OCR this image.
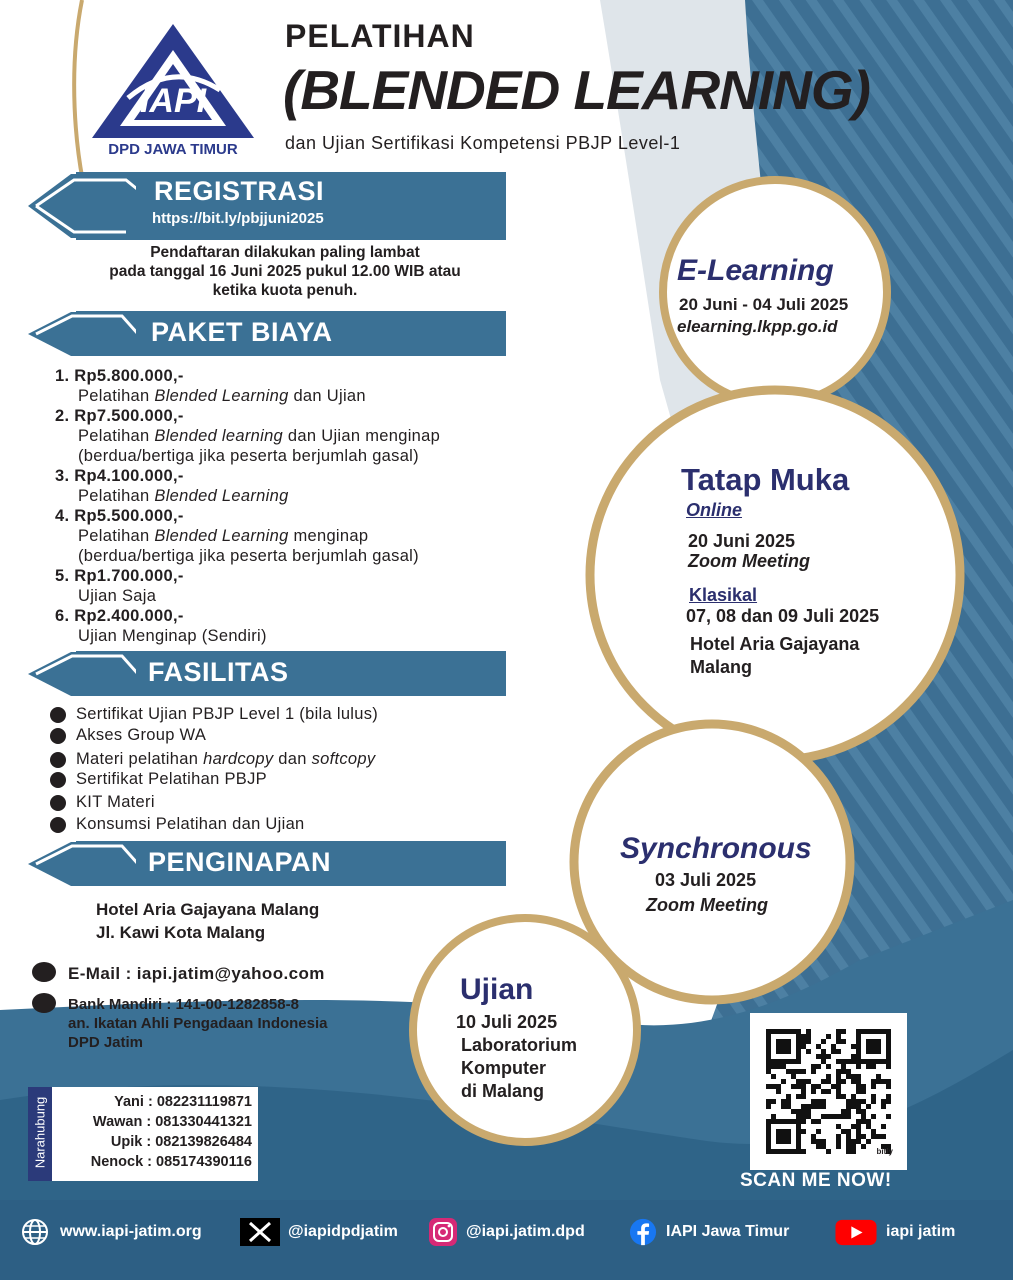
IAPI
DPD JAWA TIMUR
PELATIHAN
(BLENDED LEARNING)
dan Ujian Sertifikasi Kompetensi PBJP Level-1
REGISTRASI
https://bit.ly/pbjjuni2025
Pendaftaran dilakukan paling lambat
pada tanggal 16 Juni 2025 pukul 12.00 WIB atau
ketika kuota penuh.
PAKET BIAYA
1. Rp5.800.000,-
Pelatihan Blended Learning dan Ujian
2. Rp7.500.000,-
Pelatihan Blended learning dan Ujian menginap
(berdua/bertiga jika peserta berjumlah gasal)
3. Rp4.100.000,-
Pelatihan Blended Learning
4. Rp5.500.000,-
Pelatihan Blended Learning menginap
(berdua/bertiga jika peserta berjumlah gasal)
5. Rp1.700.000,-
Ujian Saja
6. Rp2.400.000,-
Ujian Menginap (Sendiri)
FASILITAS
Sertifikat Ujian PBJP Level 1 (bila lulus)
Akses Group WA
Materi pelatihan hardcopy dan softcopy
Sertifikat Pelatihan PBJP
KIT Materi
Konsumsi Pelatihan dan Ujian
PENGINAPAN
Hotel Aria Gajayana Malang
Jl. Kawi Kota Malang
E-Mail : iapi.jatim@yahoo.com
Bank Mandiri : 141-00-1282858-8
an. Ikatan Ahli Pengadaan Indonesia
DPD Jatim
Narahubung	Yani : 082231119871
Wawan : 081330441321
Upik : 082139826484
Nenock : 085174390116
E-Learning
20 Juni - 04 Juli 2025
elearning.lkpp.go.id
Tatap Muka
Online
20 Juni 2025
Zoom Meeting
Klasikal
07, 08 dan 09 Juli 2025
Hotel Aria Gajayana
Malang
Synchronous
03 Juli 2025
Zoom Meeting
Ujian
10 Juli 2025
Laboratorium
Komputer
di Malang
bitly
SCAN ME NOW!
www.iapi-jatim.org	@iapidpdjatim	@iapi.jatim.dpd	IAPI Jawa Timur	iapi jatim
